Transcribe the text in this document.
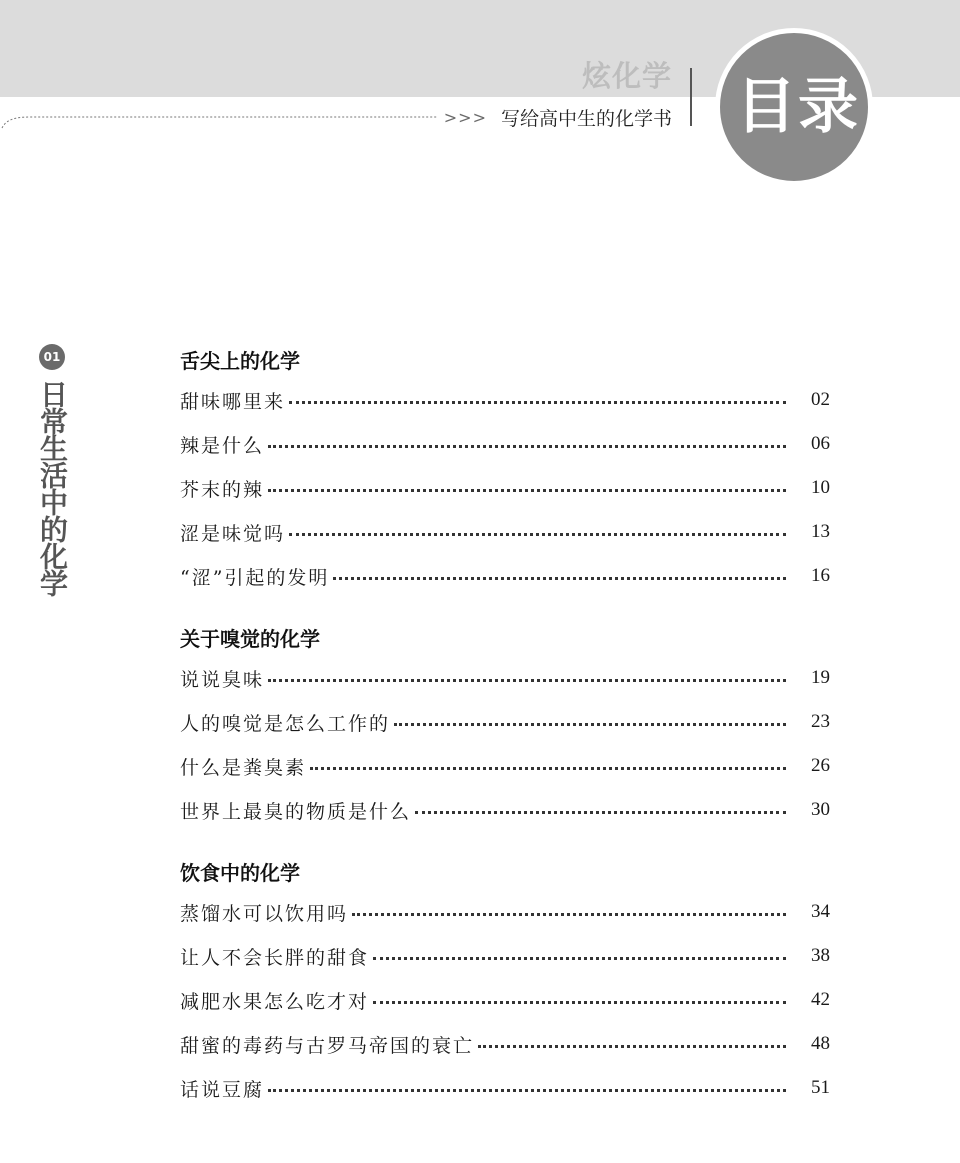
炫化学
>>> 写给高中生的化学书 目录
01
日常生活中的化学
舌尖上的化学
甜味哪里来	02
辣是什么	06
芥末的辣	10
涩是味觉吗	13
“涩”引起的发明	16
关于嗅觉的化学
说说臭味	19
人的嗅觉是怎么工作的	23
什么是粪臭素	26
世界上最臭的物质是什么	30
饮食中的化学
蒸馏水可以饮用吗	34
让人不会长胖的甜食	38
减肥水果怎么吃才对	42
甜蜜的毒药与古罗马帝国的衰亡	48
话说豆腐	51
